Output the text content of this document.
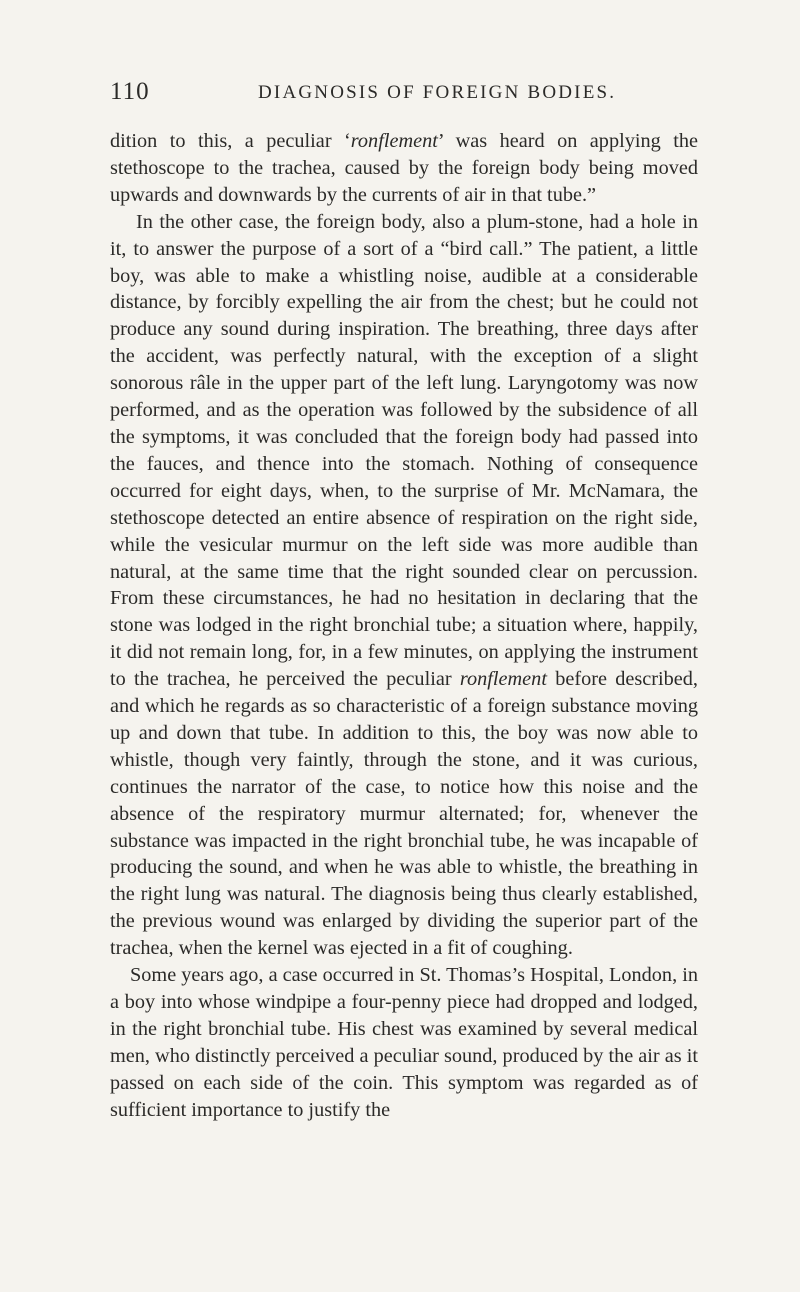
110	DIAGNOSIS OF FOREIGN BODIES.

dition to this, a peculiar ‘ronflement’ was heard on applying the stethoscope to the trachea, caused by the foreign body being moved upwards and downwards by the currents of air in that tube.”

In the other case, the foreign body, also a plum-stone, had a hole in it, to answer the purpose of a sort of a “bird call.” The patient, a little boy, was able to make a whistling noise, audible at a considerable distance, by forcibly expelling the air from the chest; but he could not produce any sound during inspiration. The breathing, three days after the accident, was perfectly natural, with the exception of a slight sonorous râle in the upper part of the left lung. Laryngotomy was now performed, and as the operation was followed by the subsidence of all the symptoms, it was concluded that the foreign body had passed into the fauces, and thence into the stomach. Nothing of consequence occurred for eight days, when, to the surprise of Mr. McNamara, the stethoscope detected an entire absence of respiration on the right side, while the vesicular murmur on the left side was more audible than natural, at the same time that the right sounded clear on percussion. From these circumstances, he had no hesitation in declaring that the stone was lodged in the right bronchial tube; a situation where, happily, it did not remain long, for, in a few minutes, on applying the instrument to the trachea, he perceived the peculiar ronflement before described, and which he regards as so characteristic of a foreign substance moving up and down that tube. In addition to this, the boy was now able to whistle, though very faintly, through the stone, and it was curious, continues the narrator of the case, to notice how this noise and the absence of the respiratory murmur alternated; for, whenever the substance was impacted in the right bronchial tube, he was incapable of producing the sound, and when he was able to whistle, the breathing in the right lung was natural. The diagnosis being thus clearly established, the previous wound was enlarged by dividing the superior part of the trachea, when the kernel was ejected in a fit of coughing.

Some years ago, a case occurred in St. Thomas’s Hospital, London, in a boy into whose windpipe a four-penny piece had dropped and lodged, in the right bronchial tube. His chest was examined by several medical men, who distinctly perceived a peculiar sound, produced by the air as it passed on each side of the coin. This symptom was regarded as of sufficient importance to justify the
